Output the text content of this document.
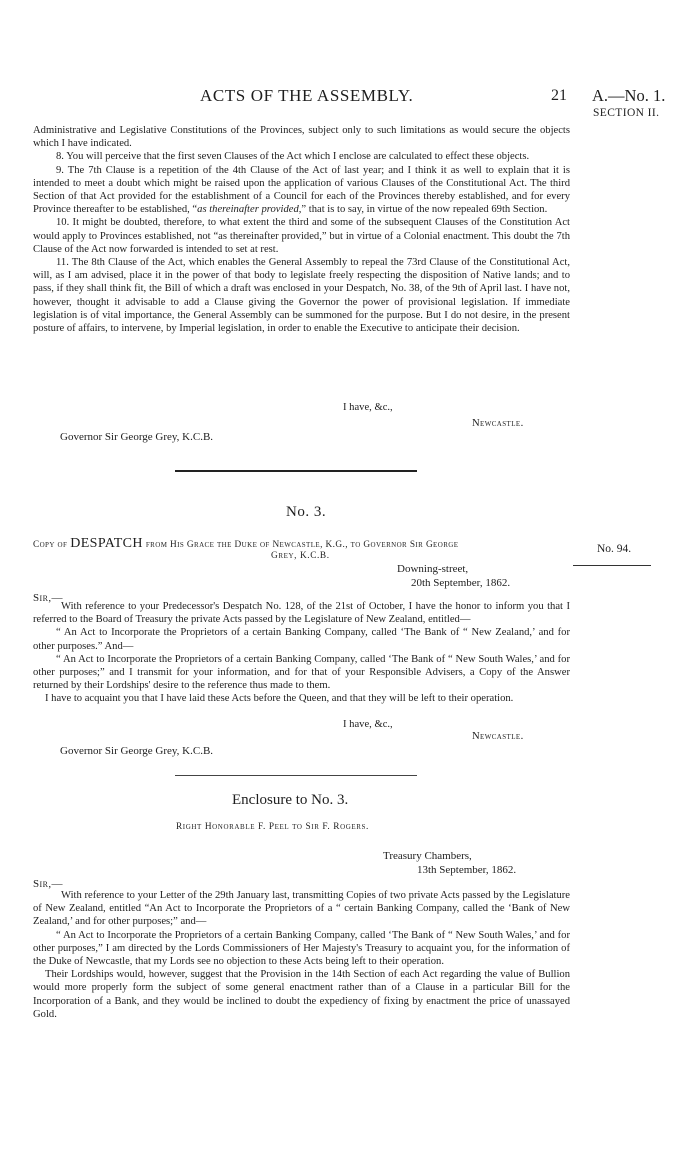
ACTS OF THE ASSEMBLY.	21 A.—No. 1.
SECTION II.

Administrative and Legislative Constitutions of the Provinces, subject only to such limitations as would secure the objects which I have indicated.

8. You will perceive that the first seven Clauses of the Act which I enclose are calculated to effect these objects.

9. The 7th Clause is a repetition of the 4th Clause of the Act of last year; and I think it as well to explain that it is intended to meet a doubt which might be raised upon the application of various Clauses of the Constitutional Act. The third Section of that Act provided for the establishment of a Council for each of the Provinces thereby established, and for every Province thereafter to be established, “as thereinafter provided,” that is to say, in virtue of the now repealed 69th Section.

10. It might be doubted, therefore, to what extent the third and some of the subsequent Clauses of the Constitution Act would apply to Provinces established, not “as thereinafter provided,” but in virtue of a Colonial enactment. This doubt the 7th Clause of the Act now forwarded is intended to set at rest.

11. The 8th Clause of the Act, which enables the General Assembly to repeal the 73rd Clause of the Constitutional Act, will, as I am advised, place it in the power of that body to legislate freely respecting the disposition of Native lands; and to pass, if they shall think fit, the Bill of which a draft was enclosed in your Despatch, No. 38, of the 9th of April last. I have not, however, thought it advisable to add a Clause giving the Governor the power of provisional legislation. If immediate legislation is of vital importance, the General Assembly can be summoned for the purpose. But I do not desire, in the present posture of affairs, to intervene, by Imperial legislation, in order to enable the Executive to anticipate their decision.

I have, &c.,
Newcastle.
Governor Sir George Grey, K.C.B.
No. 3.
Copy of DESPATCH from His Grace the Duke of Newcastle, K.G., to Governor Sir George
Grey, K.C.B.
No. 94.
Downing-street,
20th September, 1862.
Sir,—

With reference to your Predecessor's Despatch No. 128, of the 21st of October, I have the honor to inform you that I referred to the Board of Treasury the private Acts passed by the Legislature of New Zealand, entitled—

“ An Act to Incorporate the Proprietors of a certain Banking Company, called ‘The Bank of “ New Zealand,’ and for other purposes.” And—

“ An Act to Incorporate the Proprietors of a certain Banking Company, called ‘The Bank of “ New South Wales,’ and for other purposes;” and I transmit for your information, and for that of your Responsible Advisers, a Copy of the Answer returned by their Lordships' desire to the reference thus made to them.

I have to acquaint you that I have laid these Acts before the Queen, and that they will be left to their operation.

I have, &c.,
Newcastle.
Governor Sir George Grey, K.C.B.
Enclosure to No. 3.
Right Honorable F. Peel to Sir F. Rogers.
Treasury Chambers,
13th September, 1862.
Sir,—

With reference to your Letter of the 29th January last, transmitting Copies of two private Acts passed by the Legislature of New Zealand, entitled “An Act to Incorporate the Proprietors of a “ certain Banking Company, called the ‘Bank of New Zealand,’ and for other purposes;” and—

“ An Act to Incorporate the Proprietors of a certain Banking Company, called ‘The Bank of “ New South Wales,’ and for other purposes,” I am directed by the Lords Commissioners of Her Majesty's Treasury to acquaint you, for the information of the Duke of Newcastle, that my Lords see no objection to these Acts being left to their operation.

Their Lordships would, however, suggest that the Provision in the 14th Section of each Act regarding the value of Bullion would more properly form the subject of some general enactment rather than of a Clause in a particular Bill for the Incorporation of a Bank, and they would be inclined to doubt the expediency of fixing by enactment the price of unassayed Gold.
